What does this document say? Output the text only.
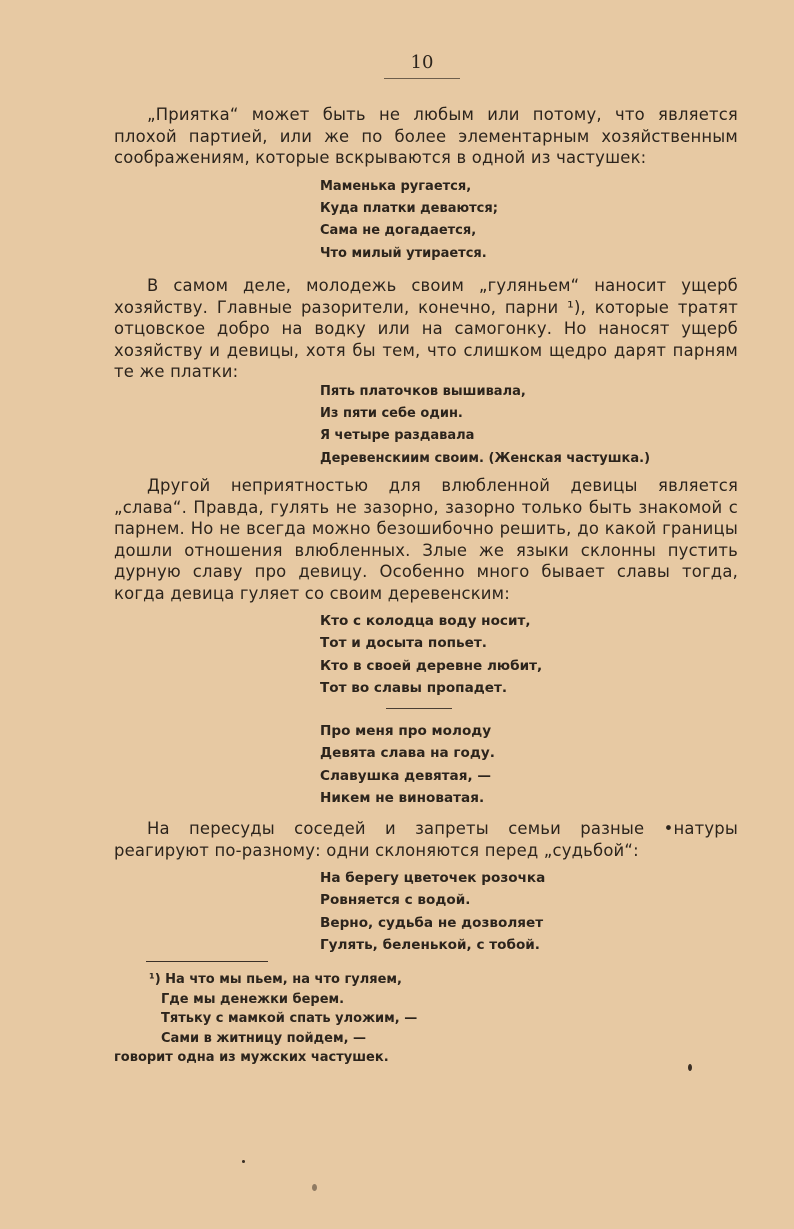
10
„Приятка“ может быть не любым или потому, что является плохой партией, или же по более элементарным хозяйственным соображениям, которые вскрываются в одной из частушек:
Маменька ругается,
Куда платки деваются;
Сама не догадается,
Что милый утирается.
В самом деле, молодежь своим „гуляньем“ наносит ущерб хозяйству. Главные разорители, конечно, парни ¹), которые тратят отцовское добро на водку или на самогонку. Но наносят ущерб хозяйству и девицы, хотя бы тем, что слишком щедро дарят парням те же платки:
Пять платочков вышивала,
Из пяти себе один.
Я четыре раздавала
Деревенскиим своим. (Женская частушка.)
Другой неприятностью для влюбленной девицы является „слава“. Правда, гулять не зазорно, зазорно только быть знакомой с парнем. Но не всегда можно безошибочно решить, до какой границы дошли отношения влюбленных. Злые же языки склонны пустить дурную славу про девицу. Особенно много бывает славы тогда, когда девица гуляет со своим деревенским:
Кто с колодца воду носит,
Тот и досыта попьет.
Кто в своей деревне любит,
Тот во славы пропадет.
Про меня про молоду
Девята слава на году.
Славушка девятая, —
Никем не виноватая.
На пересуды соседей и запреты семьи разные •натуры реагируют по-разному: одни склоняются перед „судьбой“:
На берегу цветочек розочка
Ровняется с водой.
Верно, судьба не дозволяет
Гулять, беленькой, с тобой.
¹) На что мы пьем, на что гуляем,
Где мы денежки берем.
Тятьку с мамкой спать уложим, —
Сами в житницу пойдем, —
говорит одна из мужских частушек.
